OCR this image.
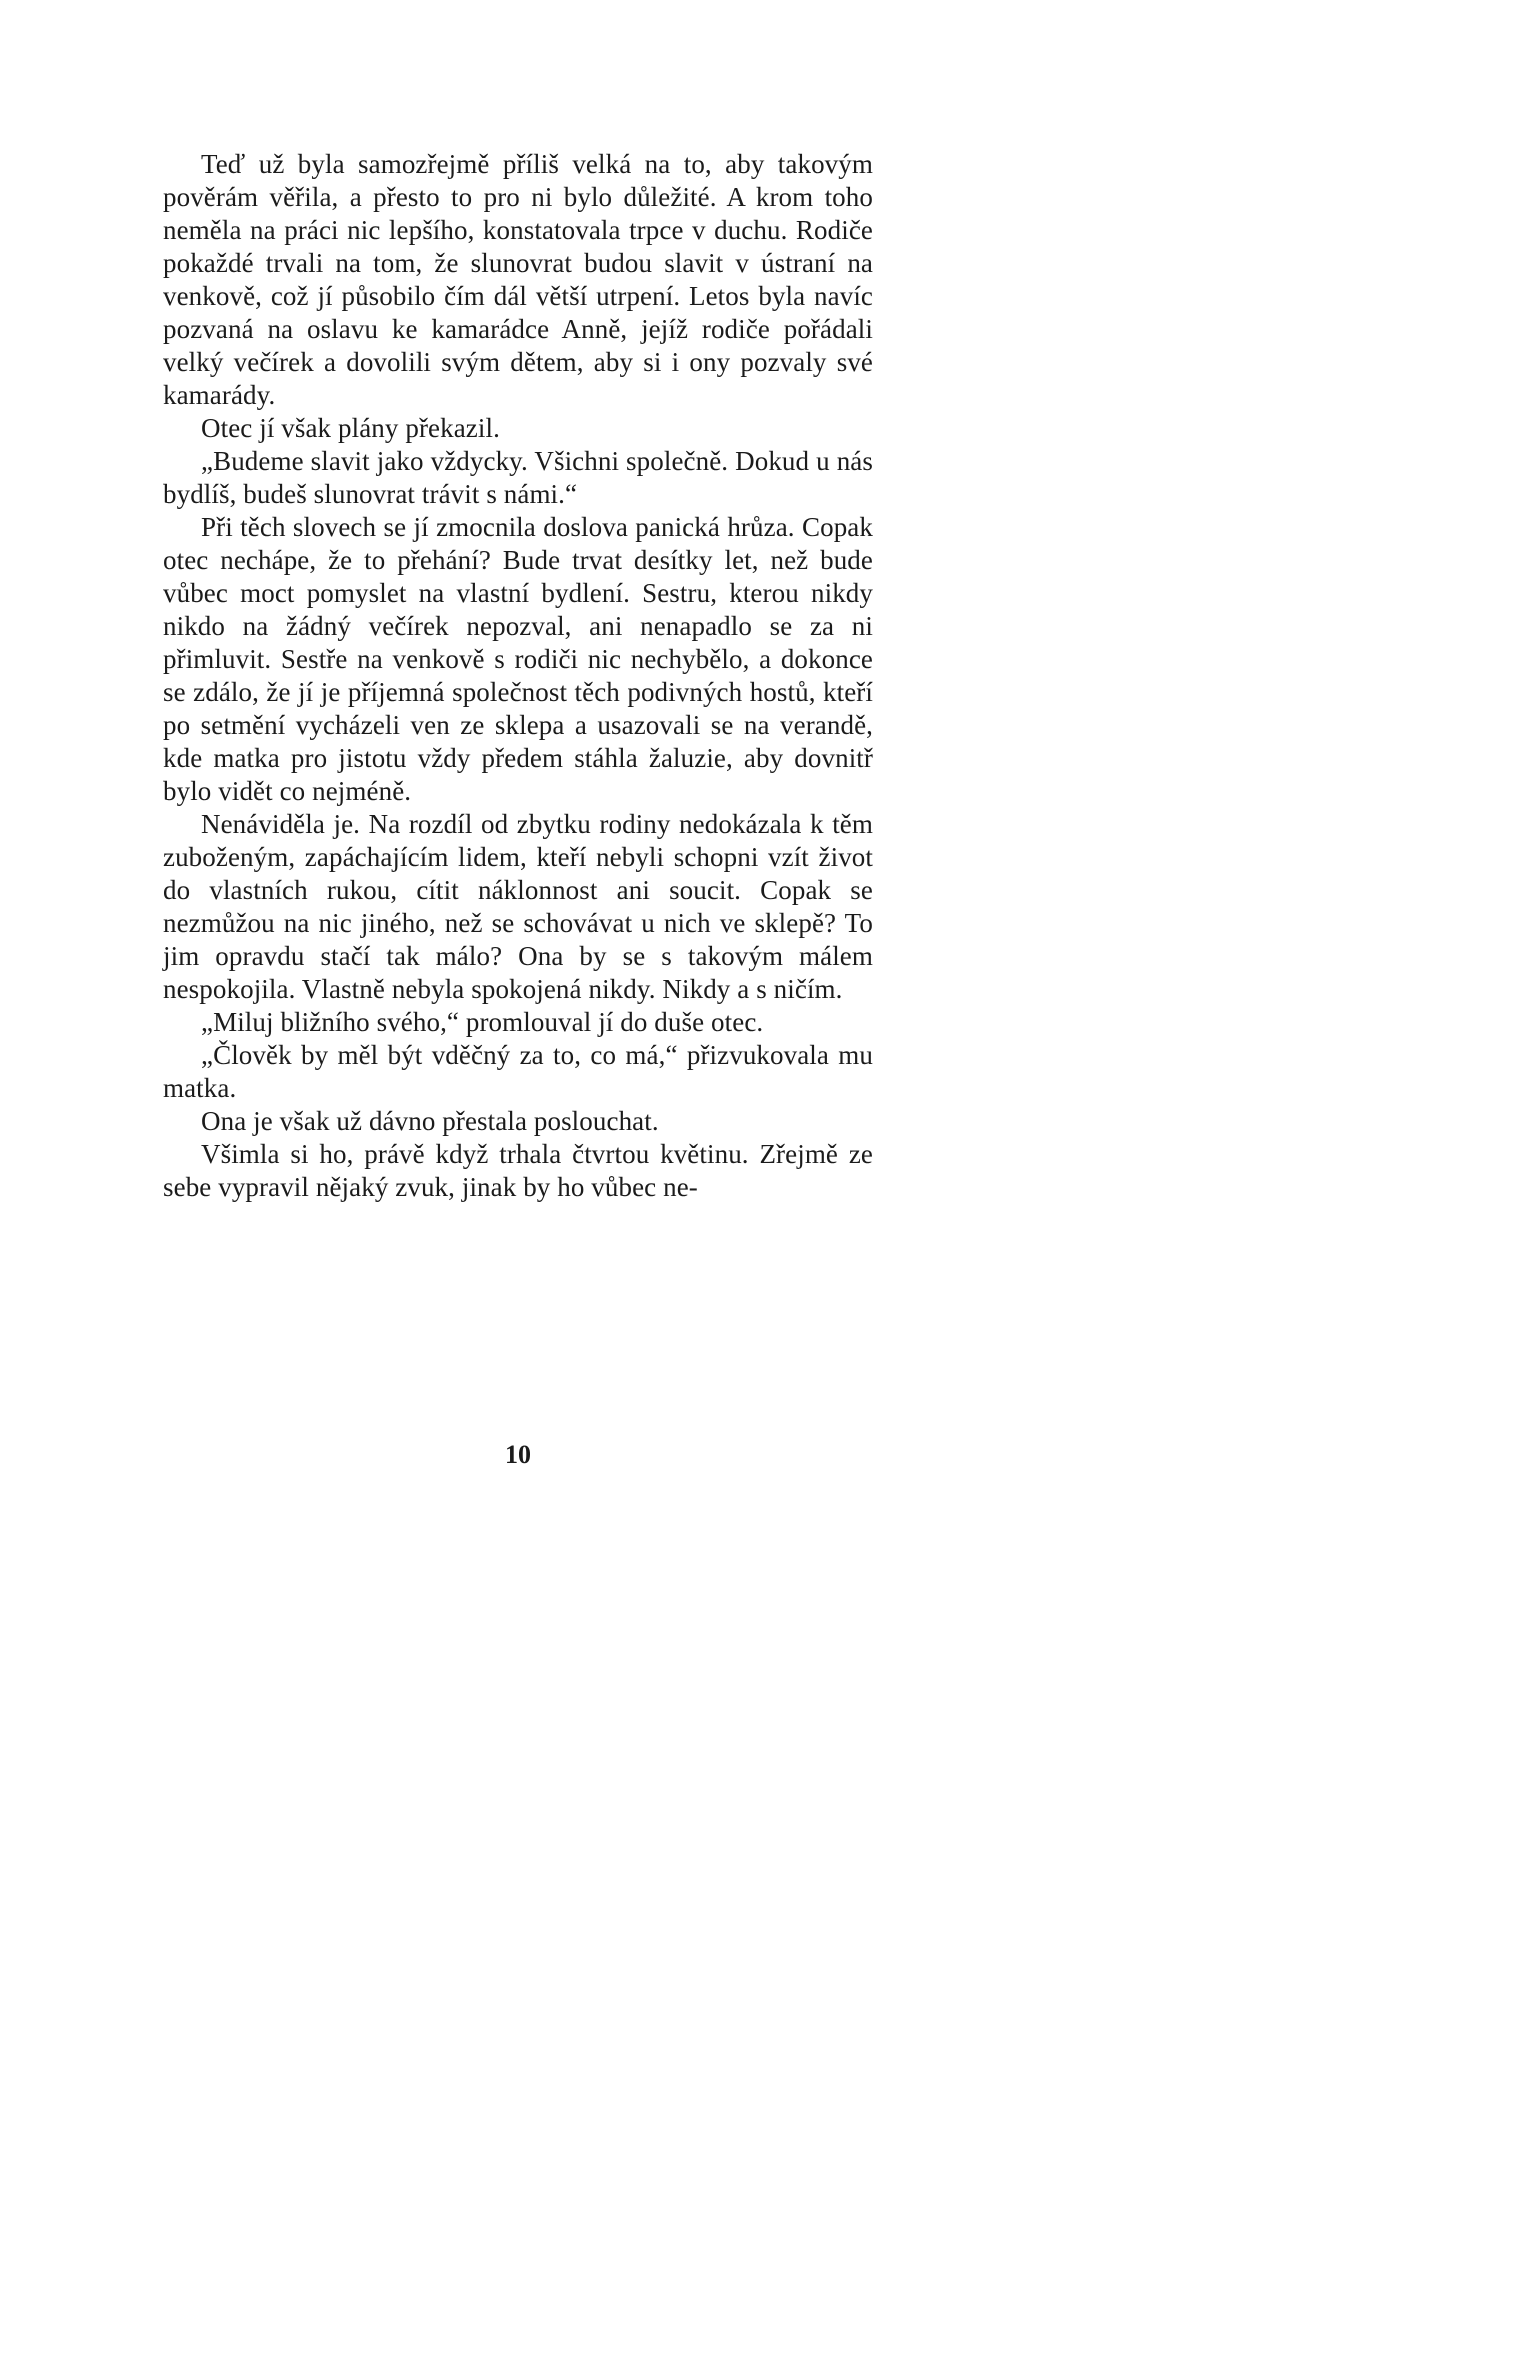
Teď už byla samozřejmě příliš velká na to, aby takovým pověrám věřila, a přesto to pro ni bylo důležité. A krom toho neměla na práci nic lepšího, konstatovala trpce v duchu. Rodiče pokaždé trvali na tom, že slunovrat budou slavit v ústraní na venkově, což jí působilo čím dál větší utrpení. Letos byla navíc pozvaná na oslavu ke kamarádce Anně, jejíž rodiče pořádali velký večírek a dovolili svým dětem, aby si i ony pozvaly své kamarády.

Otec jí však plány překazil.

„Budeme slavit jako vždycky. Všichni společně. Dokud u nás bydlíš, budeš slunovrat trávit s námi.“

Při těch slovech se jí zmocnila doslova panická hrůza. Copak otec nechápe, že to přehání? Bude trvat desítky let, než bude vůbec moct pomyslet na vlastní bydlení. Sestru, kterou nikdy nikdo na žádný večírek nepozval, ani nenapadlo se za ni přimluvit. Sestře na venkově s rodiči nic nechybělo, a dokonce se zdálo, že jí je příjemná společnost těch podivných hostů, kteří po setmění vycházeli ven ze sklepa a usazovali se na verandě, kde matka pro jistotu vždy předem stáhla žaluzie, aby dovnitř bylo vidět co nejméně.

Nenáviděla je. Na rozdíl od zbytku rodiny nedokázala k těm zuboženým, zapáchajícím lidem, kteří nebyli schopni vzít život do vlastních rukou, cítit náklonnost ani soucit. Copak se nezmůžou na nic jiného, než se schovávat u nich ve sklepě? To jim opravdu stačí tak málo? Ona by se s takovým málem nespokojila. Vlastně nebyla spokojená nikdy. Nikdy a s ničím.

„Miluj bližního svého,“ promlouval jí do duše otec.

„Člověk by měl být vděčný za to, co má,“ přizvukovala mu matka.

Ona je však už dávno přestala poslouchat.

Všimla si ho, právě když trhala čtvrtou květinu. Zřejmě ze sebe vypravil nějaký zvuk, jinak by ho vůbec ne-

10
